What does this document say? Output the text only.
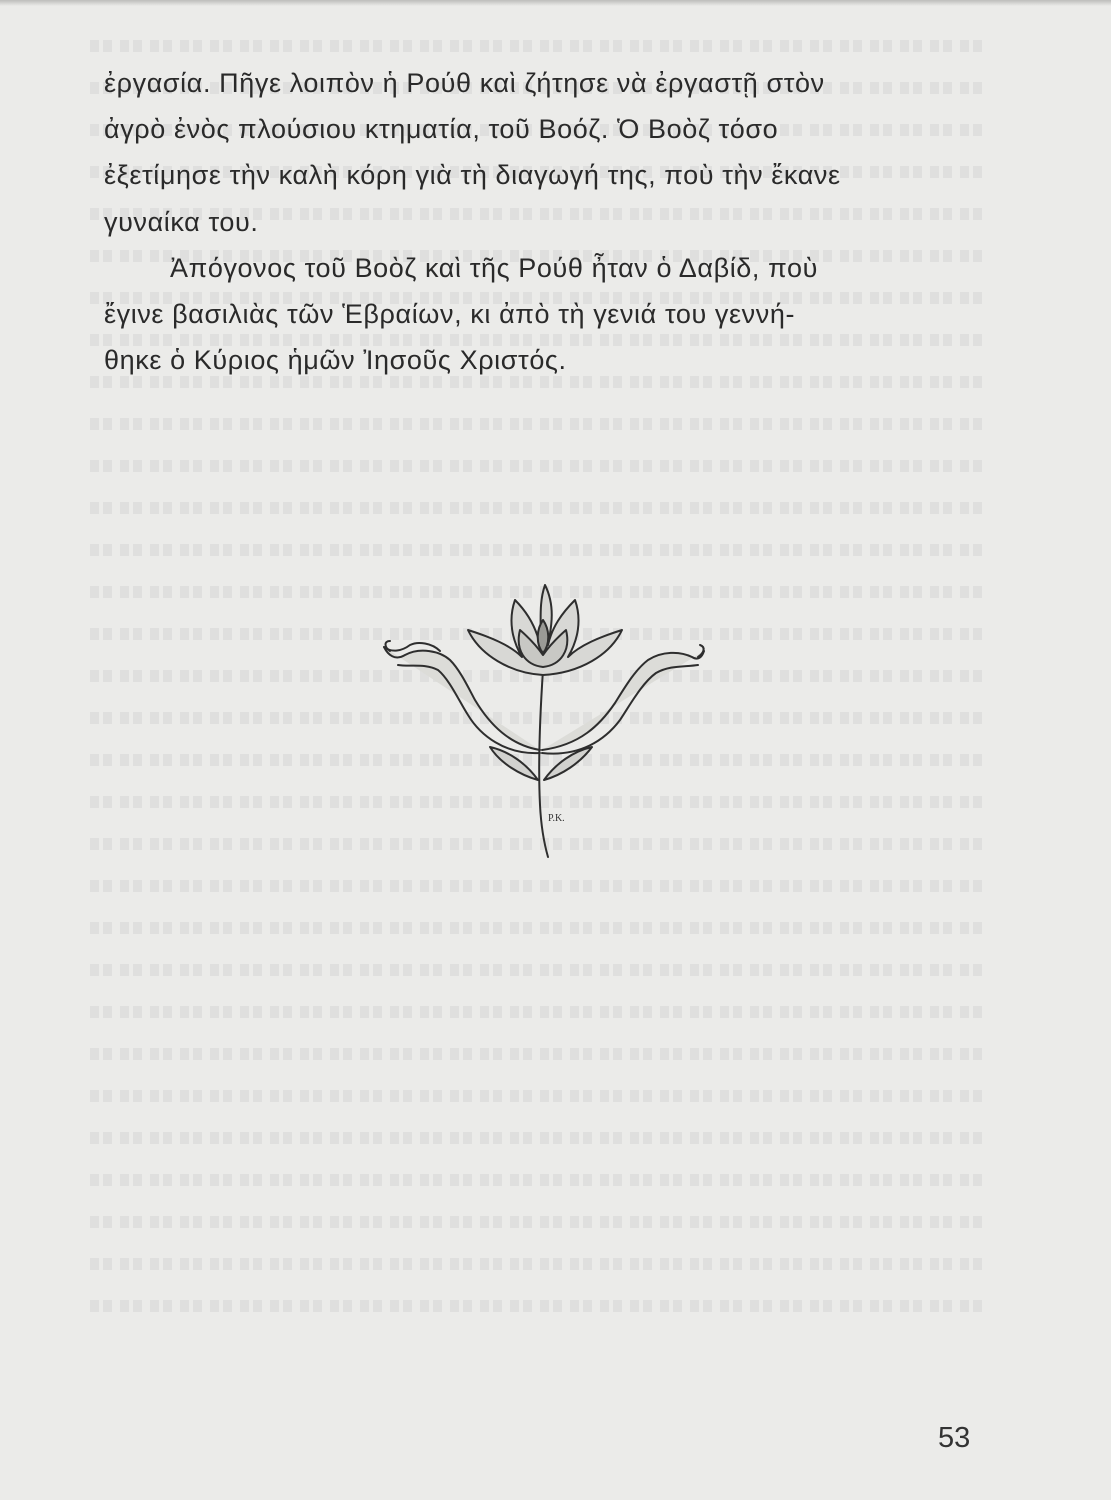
ἐργασία. Πῆγε λοιπὸν ἡ Ρούθ καὶ ζήτησε νὰ ἐργαστῇ στὸν

ἀγρὸ ἐνὸς πλούσιου κτηματία, τοῦ Βοόζ. Ὁ Βοὸζ τόσο

ἐξετίμησε τὴν καλὴ κόρη γιὰ τὴ διαγωγή της, ποὺ τὴν ἔκανε

γυναίκα του.

Ἀπόγονος τοῦ Βοὸζ καὶ τῆς Ρούθ ἦταν ὁ Δαβίδ, ποὺ

ἔγινε βασιλιὰς τῶν Ἑβραίων, κι ἀπὸ τὴ γενιά του γεννή-

θηκε ὁ Κύριος ἡμῶν Ἰησοῦς Χριστός.

P.K.
53
